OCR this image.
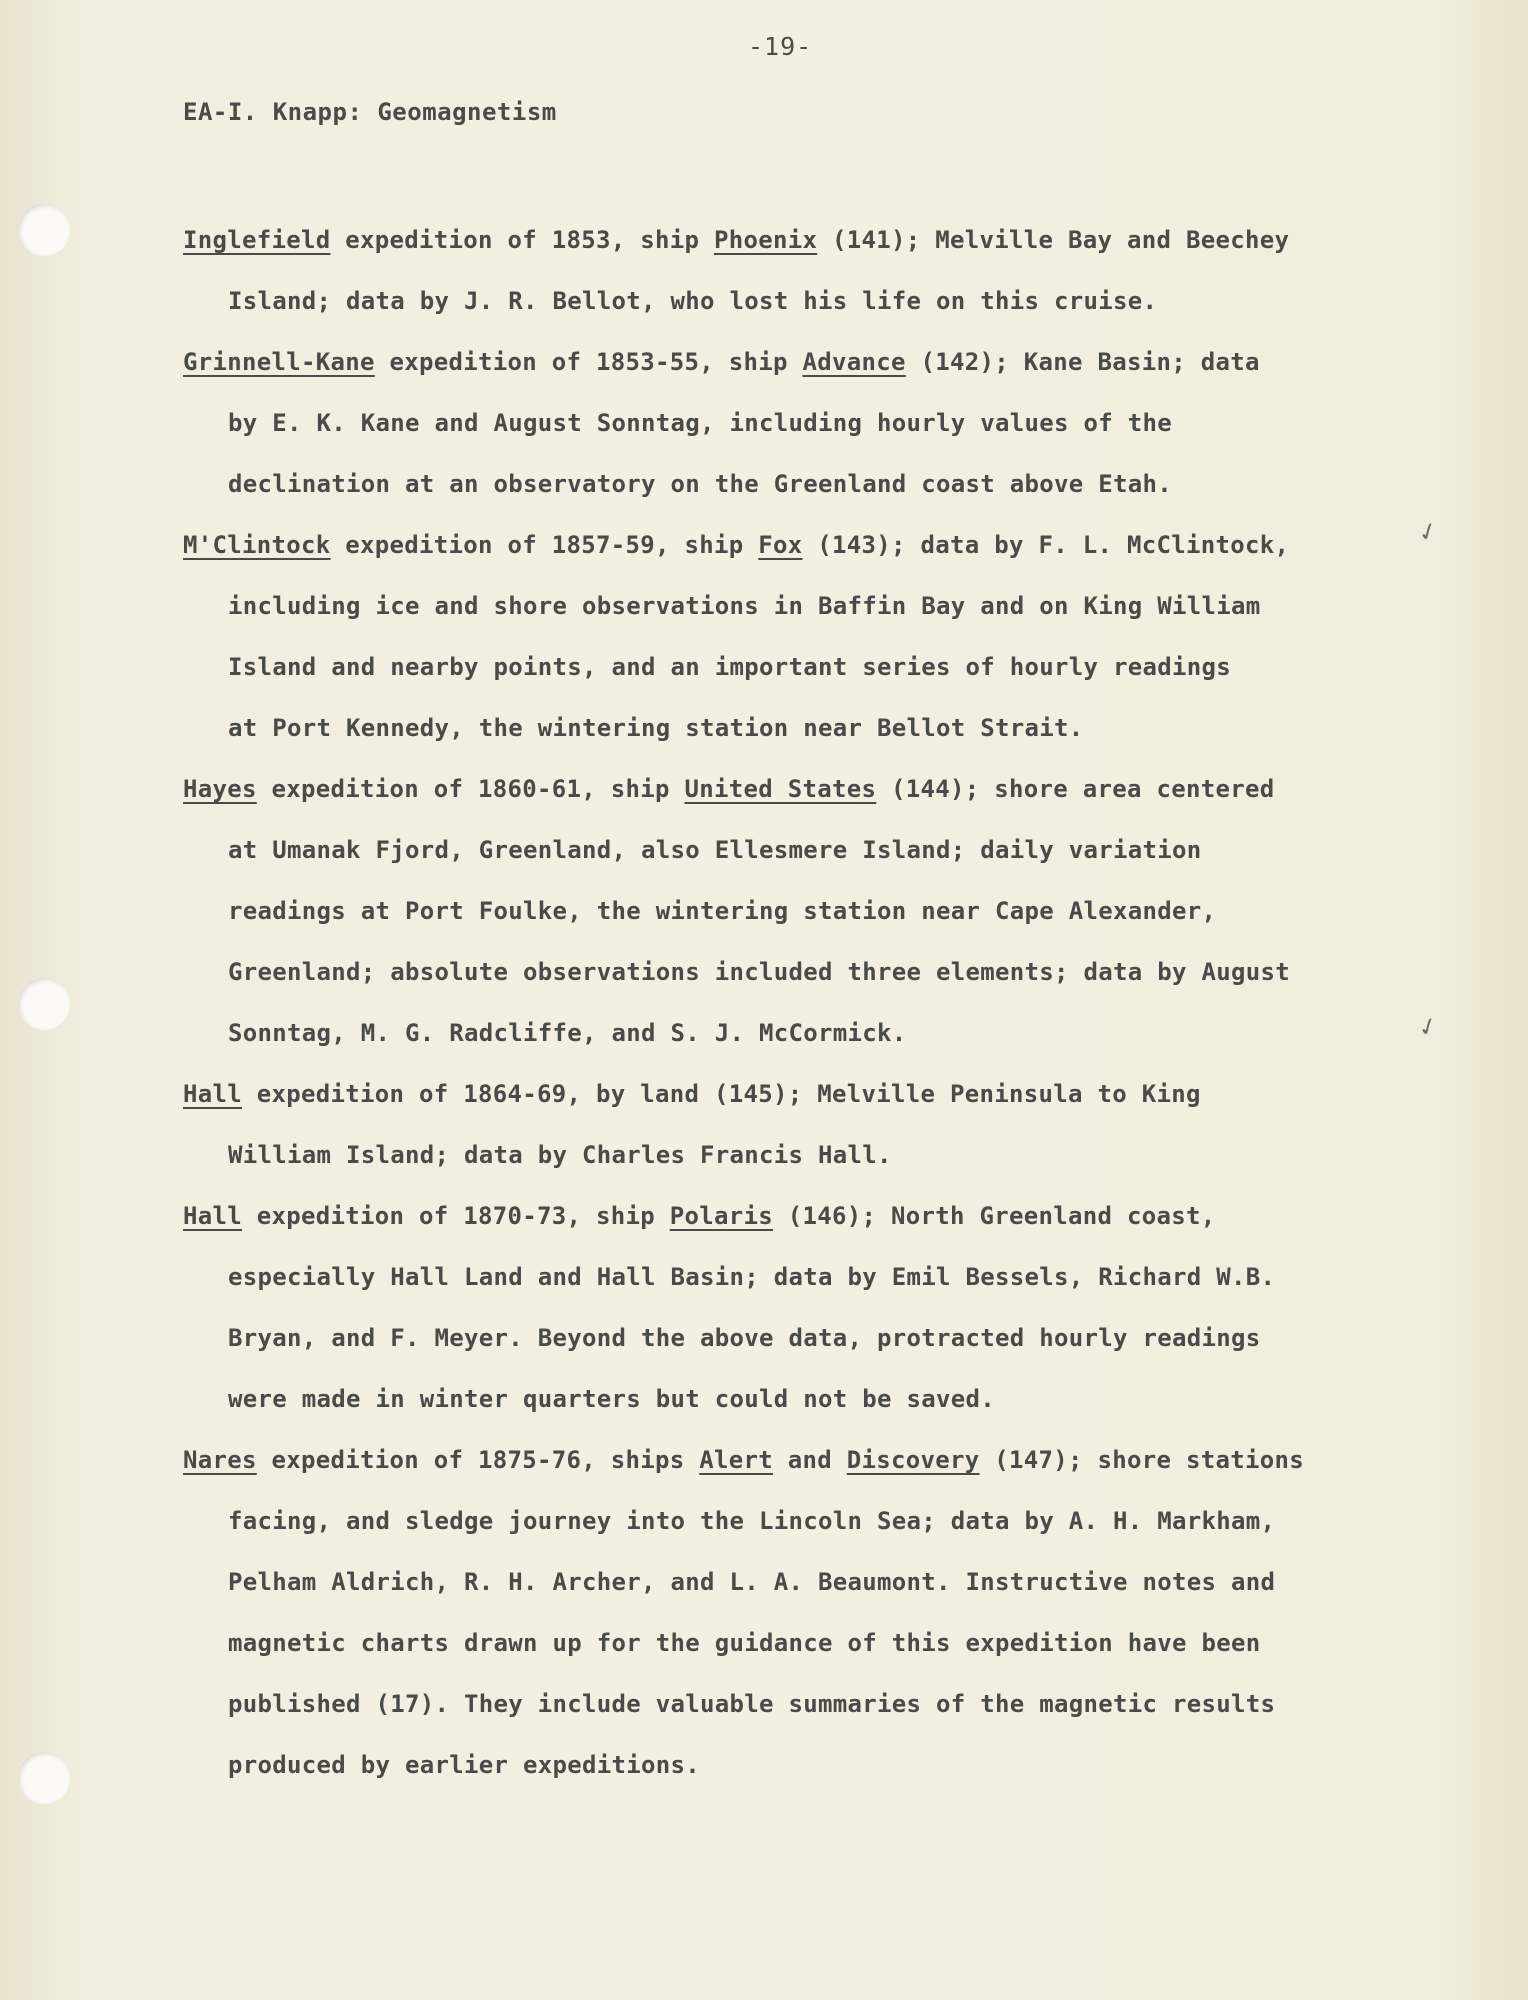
-19-
EA-I. Knapp: Geomagnetism
✓
✓
Inglefield expedition of 1853, ship Phoenix (141); Melville Bay and Beechey
Island; data by J. R. Bellot, who lost his life on this cruise.
Grinnell-Kane expedition of 1853-55, ship Advance (142); Kane Basin; data
by E. K. Kane and August Sonntag, including hourly values of the
declination at an observatory on the Greenland coast above Etah.
M'Clintock expedition of 1857-59, ship Fox (143); data by F. L. McClintock,
including ice and shore observations in Baffin Bay and on King William
Island and nearby points, and an important series of hourly readings
at Port Kennedy, the wintering station near Bellot Strait.
Hayes expedition of 1860-61, ship United States (144); shore area centered
at Umanak Fjord, Greenland, also Ellesmere Island; daily variation
readings at Port Foulke, the wintering station near Cape Alexander,
Greenland; absolute observations included three elements; data by August
Sonntag, M. G. Radcliffe, and S. J. McCormick.
Hall expedition of 1864-69, by land (145); Melville Peninsula to King
William Island; data by Charles Francis Hall.
Hall expedition of 1870-73, ship Polaris (146); North Greenland coast,
especially Hall Land and Hall Basin; data by Emil Bessels, Richard W.B.
Bryan, and F. Meyer. Beyond the above data, protracted hourly readings
were made in winter quarters but could not be saved.
Nares expedition of 1875-76, ships Alert and Discovery (147); shore stations
facing, and sledge journey into the Lincoln Sea; data by A. H. Markham,
Pelham Aldrich, R. H. Archer, and L. A. Beaumont. Instructive notes and
magnetic charts drawn up for the guidance of this expedition have been
published (17). They include valuable summaries of the magnetic results
produced by earlier expeditions.
